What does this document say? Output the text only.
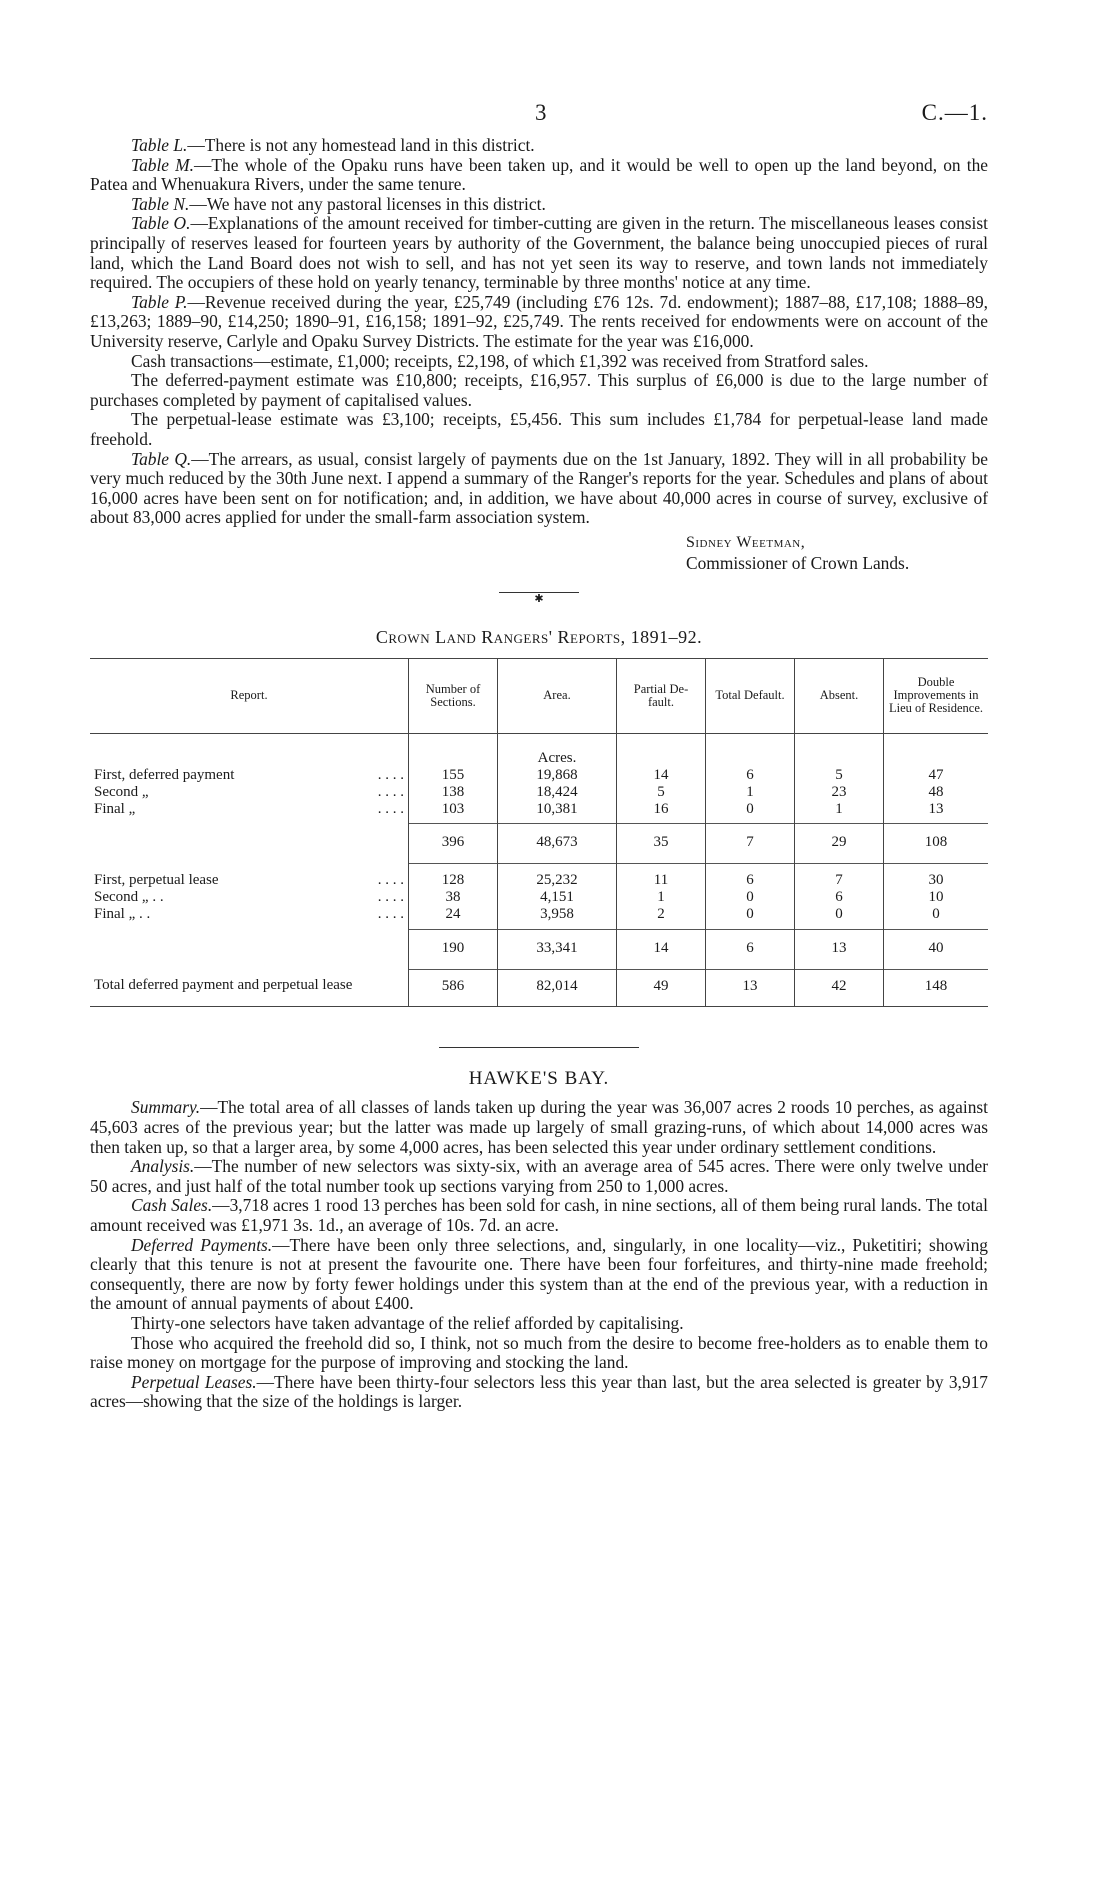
3	C.—1.

Table L.—There is not any homestead land in this district.

Table M.—The whole of the Opaku runs have been taken up, and it would be well to open up the land beyond, on the Patea and Whenuakura Rivers, under the same tenure.

Table N.—We have not any pastoral licenses in this district.

Table O.—Explanations of the amount received for timber-cutting are given in the return. The miscellaneous leases consist principally of reserves leased for fourteen years by authority of the Government, the balance being unoccupied pieces of rural land, which the Land Board does not wish to sell, and has not yet seen its way to reserve, and town lands not immediately required. The occupiers of these hold on yearly tenancy, terminable by three months' notice at any time.

Table P.—Revenue received during the year, £25,749 (including £76 12s. 7d. endowment); 1887–88, £17,108; 1888–89, £13,263; 1889–90, £14,250; 1890–91, £16,158; 1891–92, £25,749. The rents received for endowments were on account of the University reserve, Carlyle and Opaku Survey Districts. The estimate for the year was £16,000.

Cash transactions—estimate, £1,000; receipts, £2,198, of which £1,392 was received from Stratford sales.

The deferred-payment estimate was £10,800; receipts, £16,957. This surplus of £6,000 is due to the large number of purchases completed by payment of capitalised values.

The perpetual-lease estimate was £3,100; receipts, £5,456. This sum includes £1,784 for perpetual-lease land made freehold.

Table Q.—The arrears, as usual, consist largely of payments due on the 1st January, 1892. They will in all probability be very much reduced by the 30th June next. I append a summary of the Ranger's reports for the year. Schedules and plans of about 16,000 acres have been sent on for notification; and, in addition, we have about 40,000 acres in course of survey, exclusive of about 83,000 acres applied for under the small-farm association system.

Sidney Weetman,
Commissioner of Crown Lands.
✱
Crown Land Rangers' Reports, 1891–92.
Report.	Number of Sections.	Area.	Partial De-fault.	Total Default.	Absent.	Double Improvements in Lieu of Residence.
		Acres.				

First, deferred payment . . . .	155	19,868	14	6	5	47

Second „ . . . .	138	18,424	5	1	23	48

Final „ . . . .	103	10,381	16	0	1	13
	396	48,673	35	7	29	108

First, perpetual lease . . . .	128	25,232	11	6	7	30

Second „ . . . . . .	38	4,151	1	0	6	10

Final „ . . . . . .	24	3,958	2	0	0	0
	190	33,341	14	6	13	40

Total deferred payment and perpetual lease	586	82,014	49	13	42	148
HAWKE'S BAY.

Summary.—The total area of all classes of lands taken up during the year was 36,007 acres 2 roods 10 perches, as against 45,603 acres of the previous year; but the latter was made up largely of small grazing-runs, of which about 14,000 acres was then taken up, so that a larger area, by some 4,000 acres, has been selected this year under ordinary settlement conditions.

Analysis.—The number of new selectors was sixty-six, with an average area of 545 acres. There were only twelve under 50 acres, and just half of the total number took up sections varying from 250 to 1,000 acres.

Cash Sales.—3,718 acres 1 rood 13 perches has been sold for cash, in nine sections, all of them being rural lands. The total amount received was £1,971 3s. 1d., an average of 10s. 7d. an acre.

Deferred Payments.—There have been only three selections, and, singularly, in one locality—viz., Puketitiri; showing clearly that this tenure is not at present the favourite one. There have been four forfeitures, and thirty-nine made freehold; consequently, there are now by forty fewer holdings under this system than at the end of the previous year, with a reduction in the amount of annual payments of about £400.

Thirty-one selectors have taken advantage of the relief afforded by capitalising.

Those who acquired the freehold did so, I think, not so much from the desire to become free-holders as to enable them to raise money on mortgage for the purpose of improving and stocking the land.

Perpetual Leases.—There have been thirty-four selectors less this year than last, but the area selected is greater by 3,917 acres—showing that the size of the holdings is larger.
